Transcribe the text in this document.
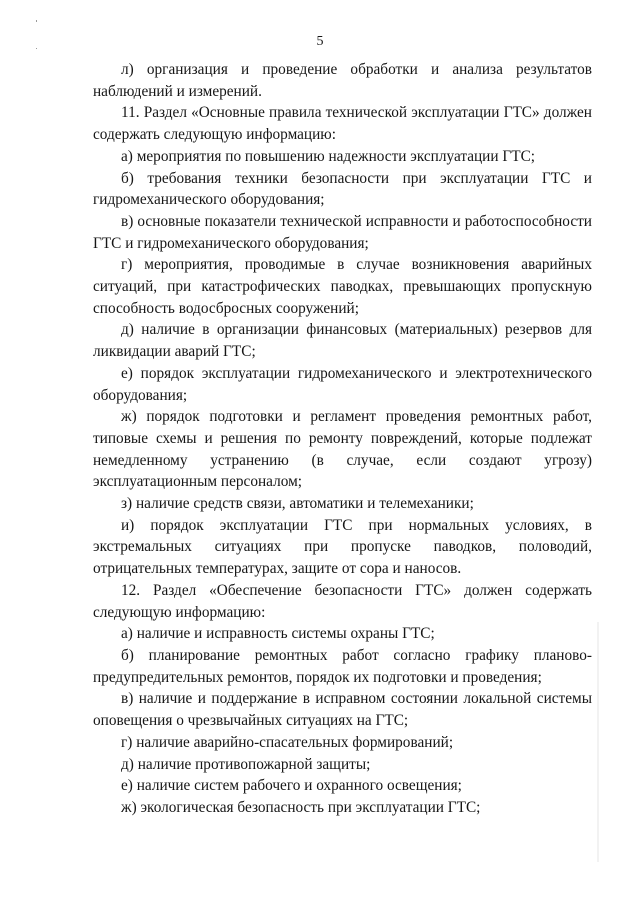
5

л) организация и проведение обработки и анализа результатов наблюдений и измерений.

11. Раздел «Основные правила технической эксплуатации ГТС» должен содержать следующую информацию:

а) мероприятия по повышению надежности эксплуатации ГТС;

б) требования техники безопасности при эксплуатации ГТС и гидромеханического оборудования;

в) основные показатели технической исправности и работоспособности ГТС и гидромеханического оборудования;

г) мероприятия, проводимые в случае возникновения аварийных ситуаций, при катастрофических паводках, превышающих пропускную способность водосбросных сооружений;

д) наличие в организации финансовых (материальных) резервов для ликвидации аварий ГТС;

е) порядок эксплуатации гидромеханического и электротехнического оборудования;

ж) порядок подготовки и регламент проведения ремонтных работ, типовые схемы и решения по ремонту повреждений, которые подлежат немедленному устранению (в случае, если создают угрозу) эксплуатационным персоналом;

з) наличие средств связи, автоматики и телемеханики;

и) порядок эксплуатации ГТС при нормальных условиях, в экстремальных ситуациях при пропуске паводков, половодий, отрицательных температурах, защите от сора и наносов.

12. Раздел «Обеспечение безопасности ГТС» должен содержать следующую информацию:

а) наличие и исправность системы охраны ГТС;

б) планирование ремонтных работ согласно графику планово-предупредительных ремонтов, порядок их подготовки и проведения;

в) наличие и поддержание в исправном состоянии локальной системы оповещения о чрезвычайных ситуациях на ГТС;

г) наличие аварийно-спасательных формирований;

д) наличие противопожарной защиты;

е) наличие систем рабочего и охранного освещения;

ж) экологическая безопасность при эксплуатации ГТС;
